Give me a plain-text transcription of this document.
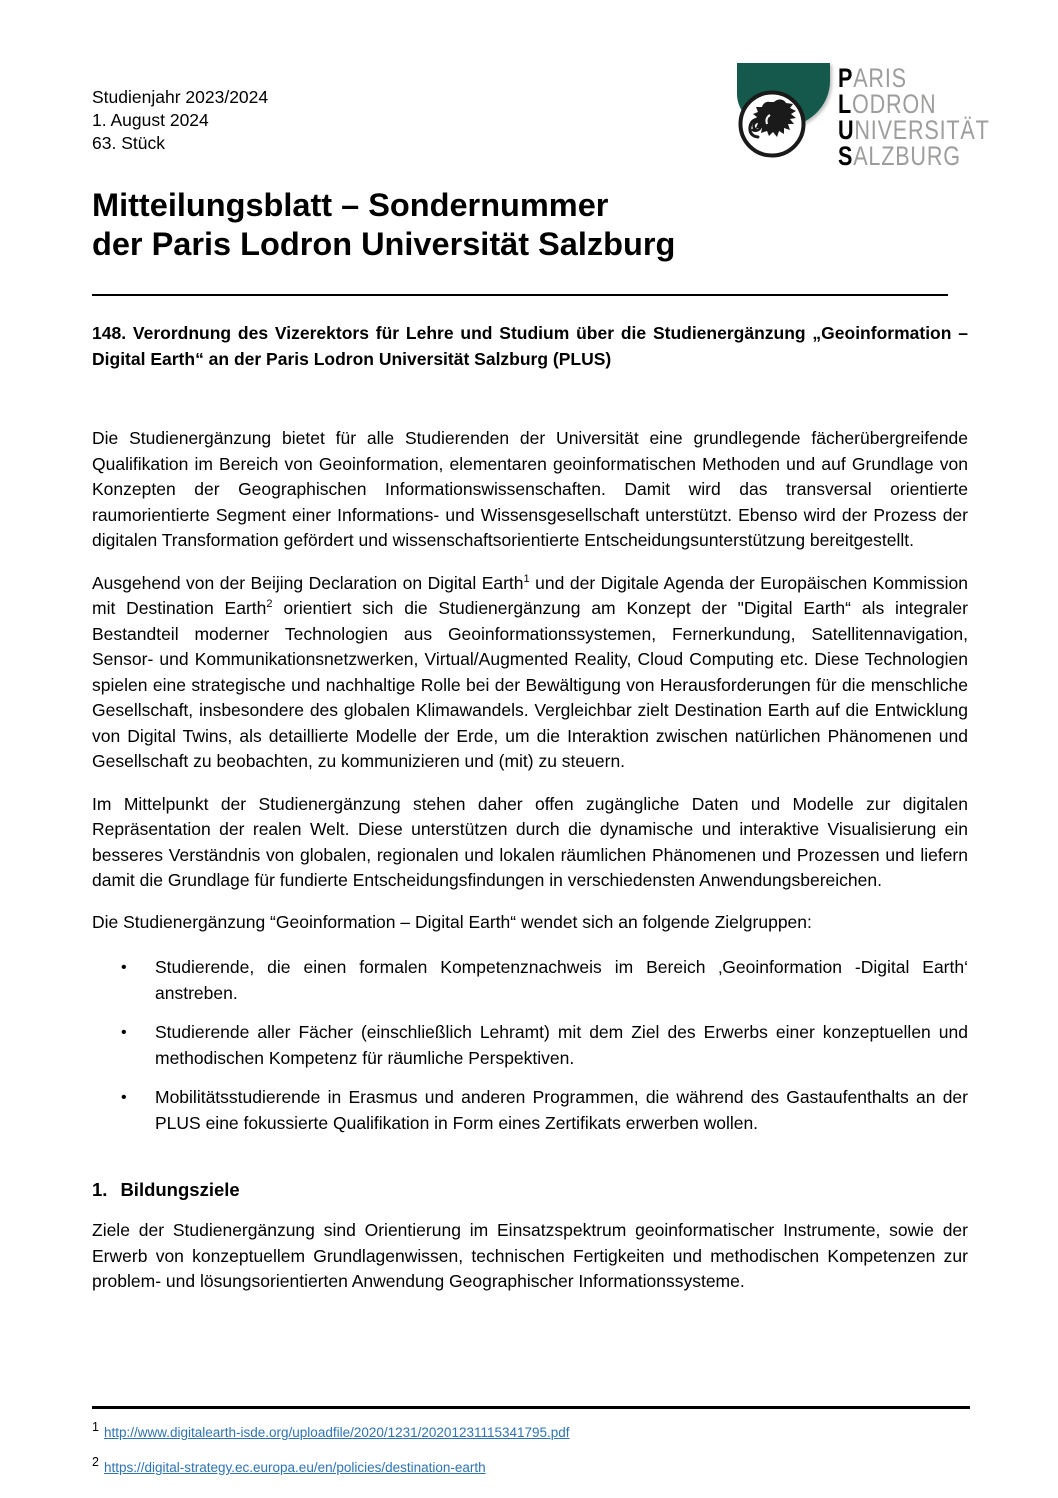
Studienjahr 2023/2024
1. August 2024
63. Stück
PARIS
LODRON
UNIVERSITÄT
SALZBURG
Mitteilungsblatt – Sondernummer
der Paris Lodron Universität Salzburg
148. Verordnung des Vizerektors für Lehre und Studium über die Studienergänzung „Geoinformation – Digital Earth“ an der Paris Lodron Universität Salzburg (PLUS)

Die Studienergänzung bietet für alle Studierenden der Universität eine grundlegende fächerübergreifende Qualifikation im Bereich von Geoinformation, elementaren geoinformatischen Methoden und auf Grundlage von Konzepten der Geographischen Informationswissenschaften. Damit wird das transversal orientierte raumorientierte Segment einer Informations- und Wissensgesellschaft unterstützt. Ebenso wird der Prozess der digitalen Transformation gefördert und wissenschaftsorientierte Entscheidungsunterstützung bereitgestellt.

Ausgehend von der Beijing Declaration on Digital Earth$^1$ und der Digitale Agenda der Europäischen Kommission mit Destination Earth$^2$ orientiert sich die Studienergänzung am Konzept der "Digital Earth“ als integraler Bestandteil moderner Technologien aus Geoinformationssystemen, Fernerkundung, Satellitennavigation, Sensor- und Kommunikationsnetzwerken, Virtual/Augmented Reality, Cloud Computing etc. Diese Technologien spielen eine strategische und nachhaltige Rolle bei der Bewältigung von Herausforderungen für die menschliche Gesellschaft, insbesondere des globalen Klimawandels. Vergleichbar zielt Destination Earth auf die Entwicklung von Digital Twins, als detaillierte Modelle der Erde, um die Interaktion zwischen natürlichen Phänomenen und Gesellschaft zu beobachten, zu kommunizieren und (mit) zu steuern.

Im Mittelpunkt der Studienergänzung stehen daher offen zugängliche Daten und Modelle zur digitalen Repräsentation der realen Welt. Diese unterstützen durch die dynamische und interaktive Visualisierung ein besseres Verständnis von globalen, regionalen und lokalen räumlichen Phänomenen und Prozessen und liefern damit die Grundlage für fundierte Entscheidungsfindungen in verschiedensten Anwendungsbereichen.

Die Studienergänzung “Geoinformation – Digital Earth“ wendet sich an folgende Zielgruppen:

•	Studierende, die einen formalen Kompetenznachweis im Bereich ‚Geoinformation -Digital Earth‘ anstreben.
•	Studierende aller Fächer (einschließlich Lehramt) mit dem Ziel des Erwerbs einer konzeptuellen und methodischen Kompetenz für räumliche Perspektiven.
•	Mobilitätsstudierende in Erasmus und anderen Programmen, die während des Gastaufenthalts an der PLUS eine fokussierte Qualifikation in Form eines Zertifikats erwerben wollen.
1. Bildungsziele

Ziele der Studienergänzung sind Orientierung im Einsatzspektrum geoinformatischer Instrumente, sowie der Erwerb von konzeptuellem Grundlagenwissen, technischen Fertigkeiten und methodischen Kompetenzen zur problem- und lösungsorientierten Anwendung Geographischer Informationssysteme.

1 http://www.digitalearth-isde.org/uploadfile/2020/1231/20201231115341795.pdf
2 https://digital-strategy.ec.europa.eu/en/policies/destination-earth
